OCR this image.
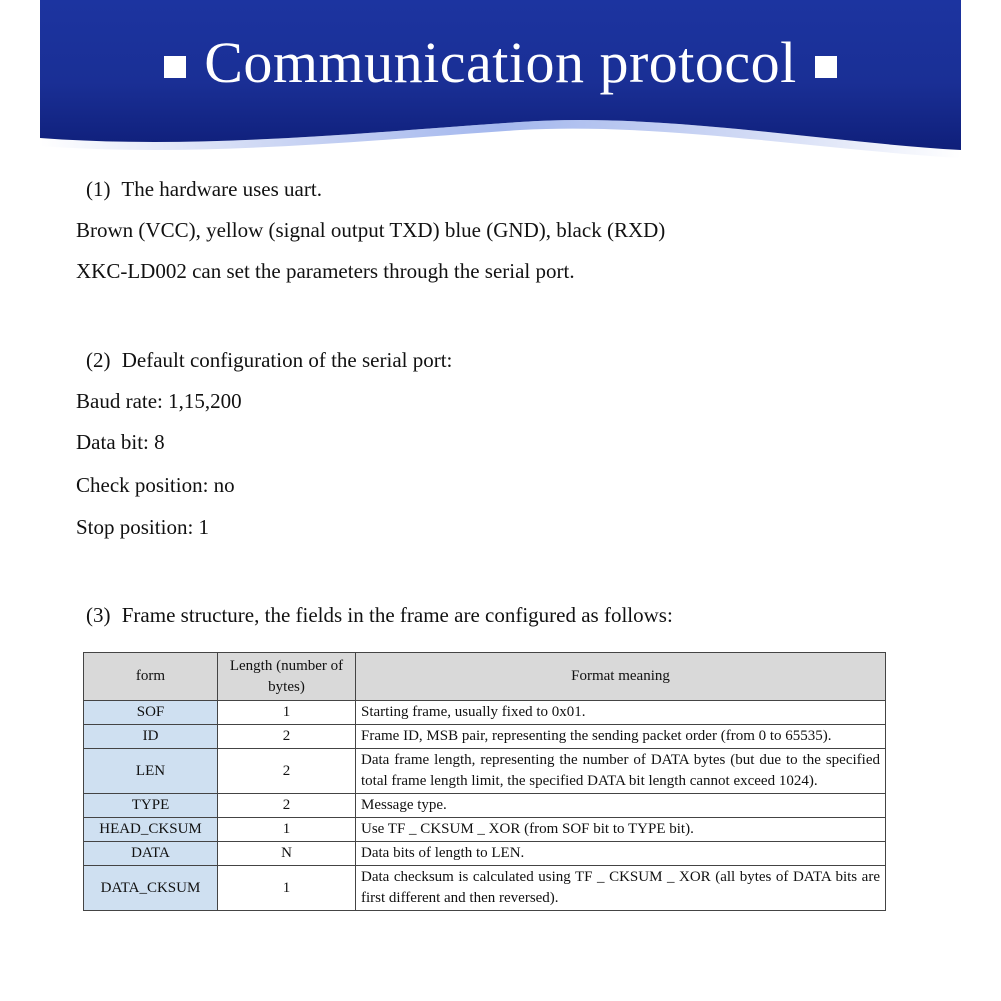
Communication protocol
(1) The hardware uses uart.
Brown (VCC), yellow (signal output TXD) blue (GND), black (RXD)
XKC-LD002 can set the parameters through the serial port.
(2) Default configuration of the serial port:
Baud rate: 1,15,200
Data bit: 8
Check position: no
Stop position: 1
(3) Frame structure, the fields in the frame are configured as follows:
form	Length (number of bytes)	Format meaning
SOF	1	Starting frame, usually fixed to 0x01.
ID	2	Frame ID, MSB pair, representing the sending packet order (from 0 to 65535).
LEN	2	Data frame length, representing the number of DATA bytes (but due to the specified total frame length limit, the specified DATA bit length cannot exceed 1024).
TYPE	2	Message type.
HEAD_CKSUM	1	Use TF _ CKSUM _ XOR (from SOF bit to TYPE bit).
DATA	N	Data bits of length to LEN.
DATA_CKSUM	1	Data checksum is calculated using TF _ CKSUM _ XOR (all bytes of DATA bits are first different and then reversed).
